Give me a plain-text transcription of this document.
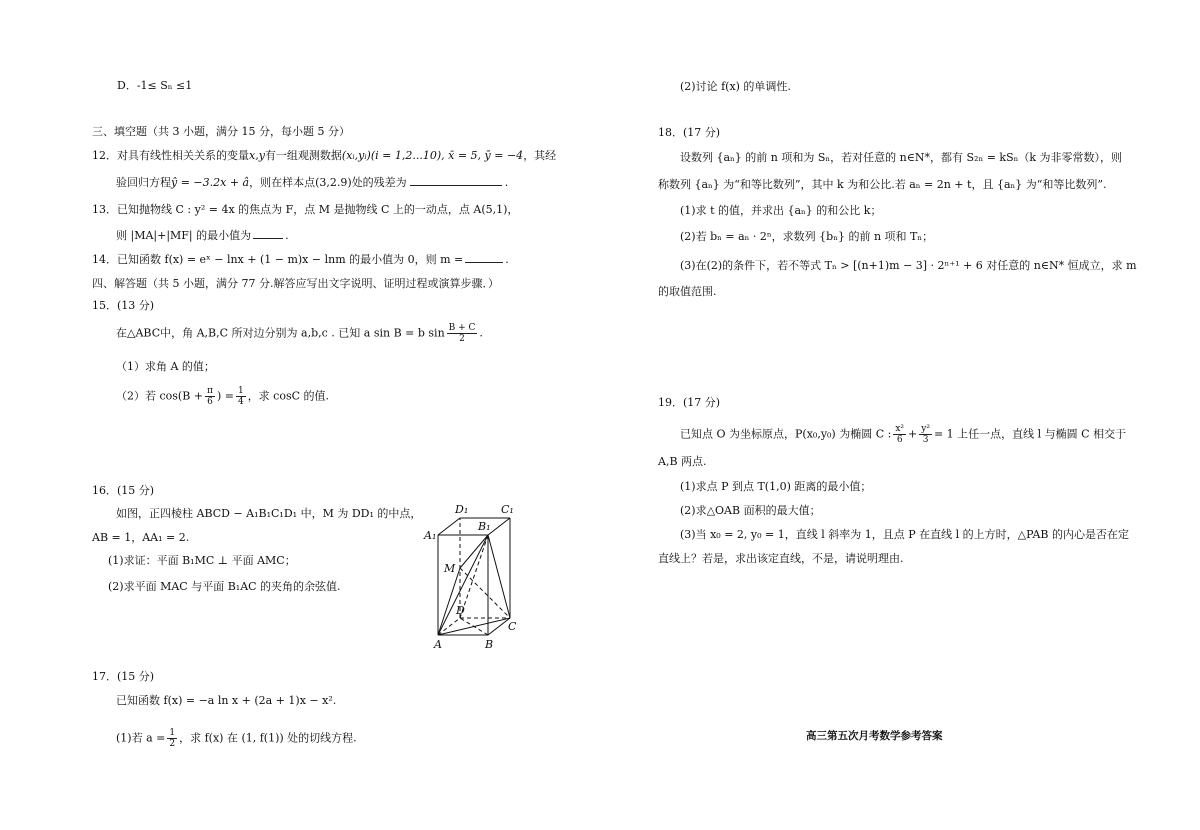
D．-1≤ Sₙ ≤1
三、填空题（共 3 小题，满分 15 分，每小题 5 分）
12．对具有线性相关关系的变量x,y有一组观测数据(xᵢ,yᵢ)(i = 1,2...10), x̄ = 5, ȳ = −4，其经
验回归方程ŷ = −3.2x + â，则在样本点(3,2.9)处的残差为	.
13．已知抛物线 C : y² = 4x 的焦点为 F，点 M 是抛物线 C 上的一动点，点 A(5,1)，
则 |MA|+|MF| 的最小值为	.
14．已知函数 f(x) = eˣ − lnx + (1 − m)x − lnm 的最小值为 0，则 m =	.
四、解答题（共 5 小题，满分 77 分.解答应写出文字说明、证明过程或演算步骤．）
15．(13 分)
在△ABC中，角 A,B,C 所对边分别为 a,b,c . 已知 a sin B = b $\sin \frac{B + C}{2}$ .
（1）求角 A 的值；
（2）若 $\cos(B + \frac{\pi}{6}$ ) = $\frac{1}{4}$ ，求 cosC 的值.
16．(15 分)
如图，正四棱柱 ABCD − A₁B₁C₁D₁ 中，M 为 DD₁ 的中点，
AB = 1，AA₁ = 2.
(1)求证：平面 B₁MC ⊥ 平面 AMC；
(2)求平面 MAC 与平面 B₁AC 的夹角的余弦值.
D₁	C₁
A₁
B₁
M
D
C
A	B
17．(15 分)
已知函数 f(x) = −a ln x + (2a + 1)x − x².
(1)若 $a = \frac{1}{2}$ ，求 f(x) 在 (1, f(1)) 处的切线方程.
(2)讨论 f(x) 的单调性.
18．(17 分)
设数列 {aₙ} 的前 n 项和为 Sₙ，若对任意的 n∈N*，都有 S₂ₙ = kSₙ（k 为非零常数），则
称数列 {aₙ} 为“和等比数列”，其中 k 为和公比.若 aₙ = 2n + t，且 {aₙ} 为“和等比数列”.
(1)求 t 的值，并求出 {aₙ} 的和公比 k；
(2)若 bₙ = aₙ · 2ⁿ，求数列 {bₙ} 的前 n 项和 Tₙ；
(3)在(2)的条件下，若不等式 Tₙ > [(n+1)m − 3] · 2ⁿ⁺¹ + 6 对任意的 n∈N* 恒成立，求 m
的取值范围.
19．(17 分)
已知点 O 为坐标原点，P(x₀,y₀) 为椭圆 C : $\frac{\text{x²}}{6} + \frac{\text{y²}}{3} = 1$ 上任一点，直线 l 与椭圆 C 相交于
A,B 两点.
(1)求点 P 到点 T(1,0) 距离的最小值；
(2)求△OAB 面积的最大值；
(3)当 x₀ = 2, y₀ = 1，直线 l 斜率为 1，且点 P 在直线 l 的上方时，△PAB 的内心是否在定
直线上？若是，求出该定直线，不是，请说明理由.
高三第五次月考数学参考答案
